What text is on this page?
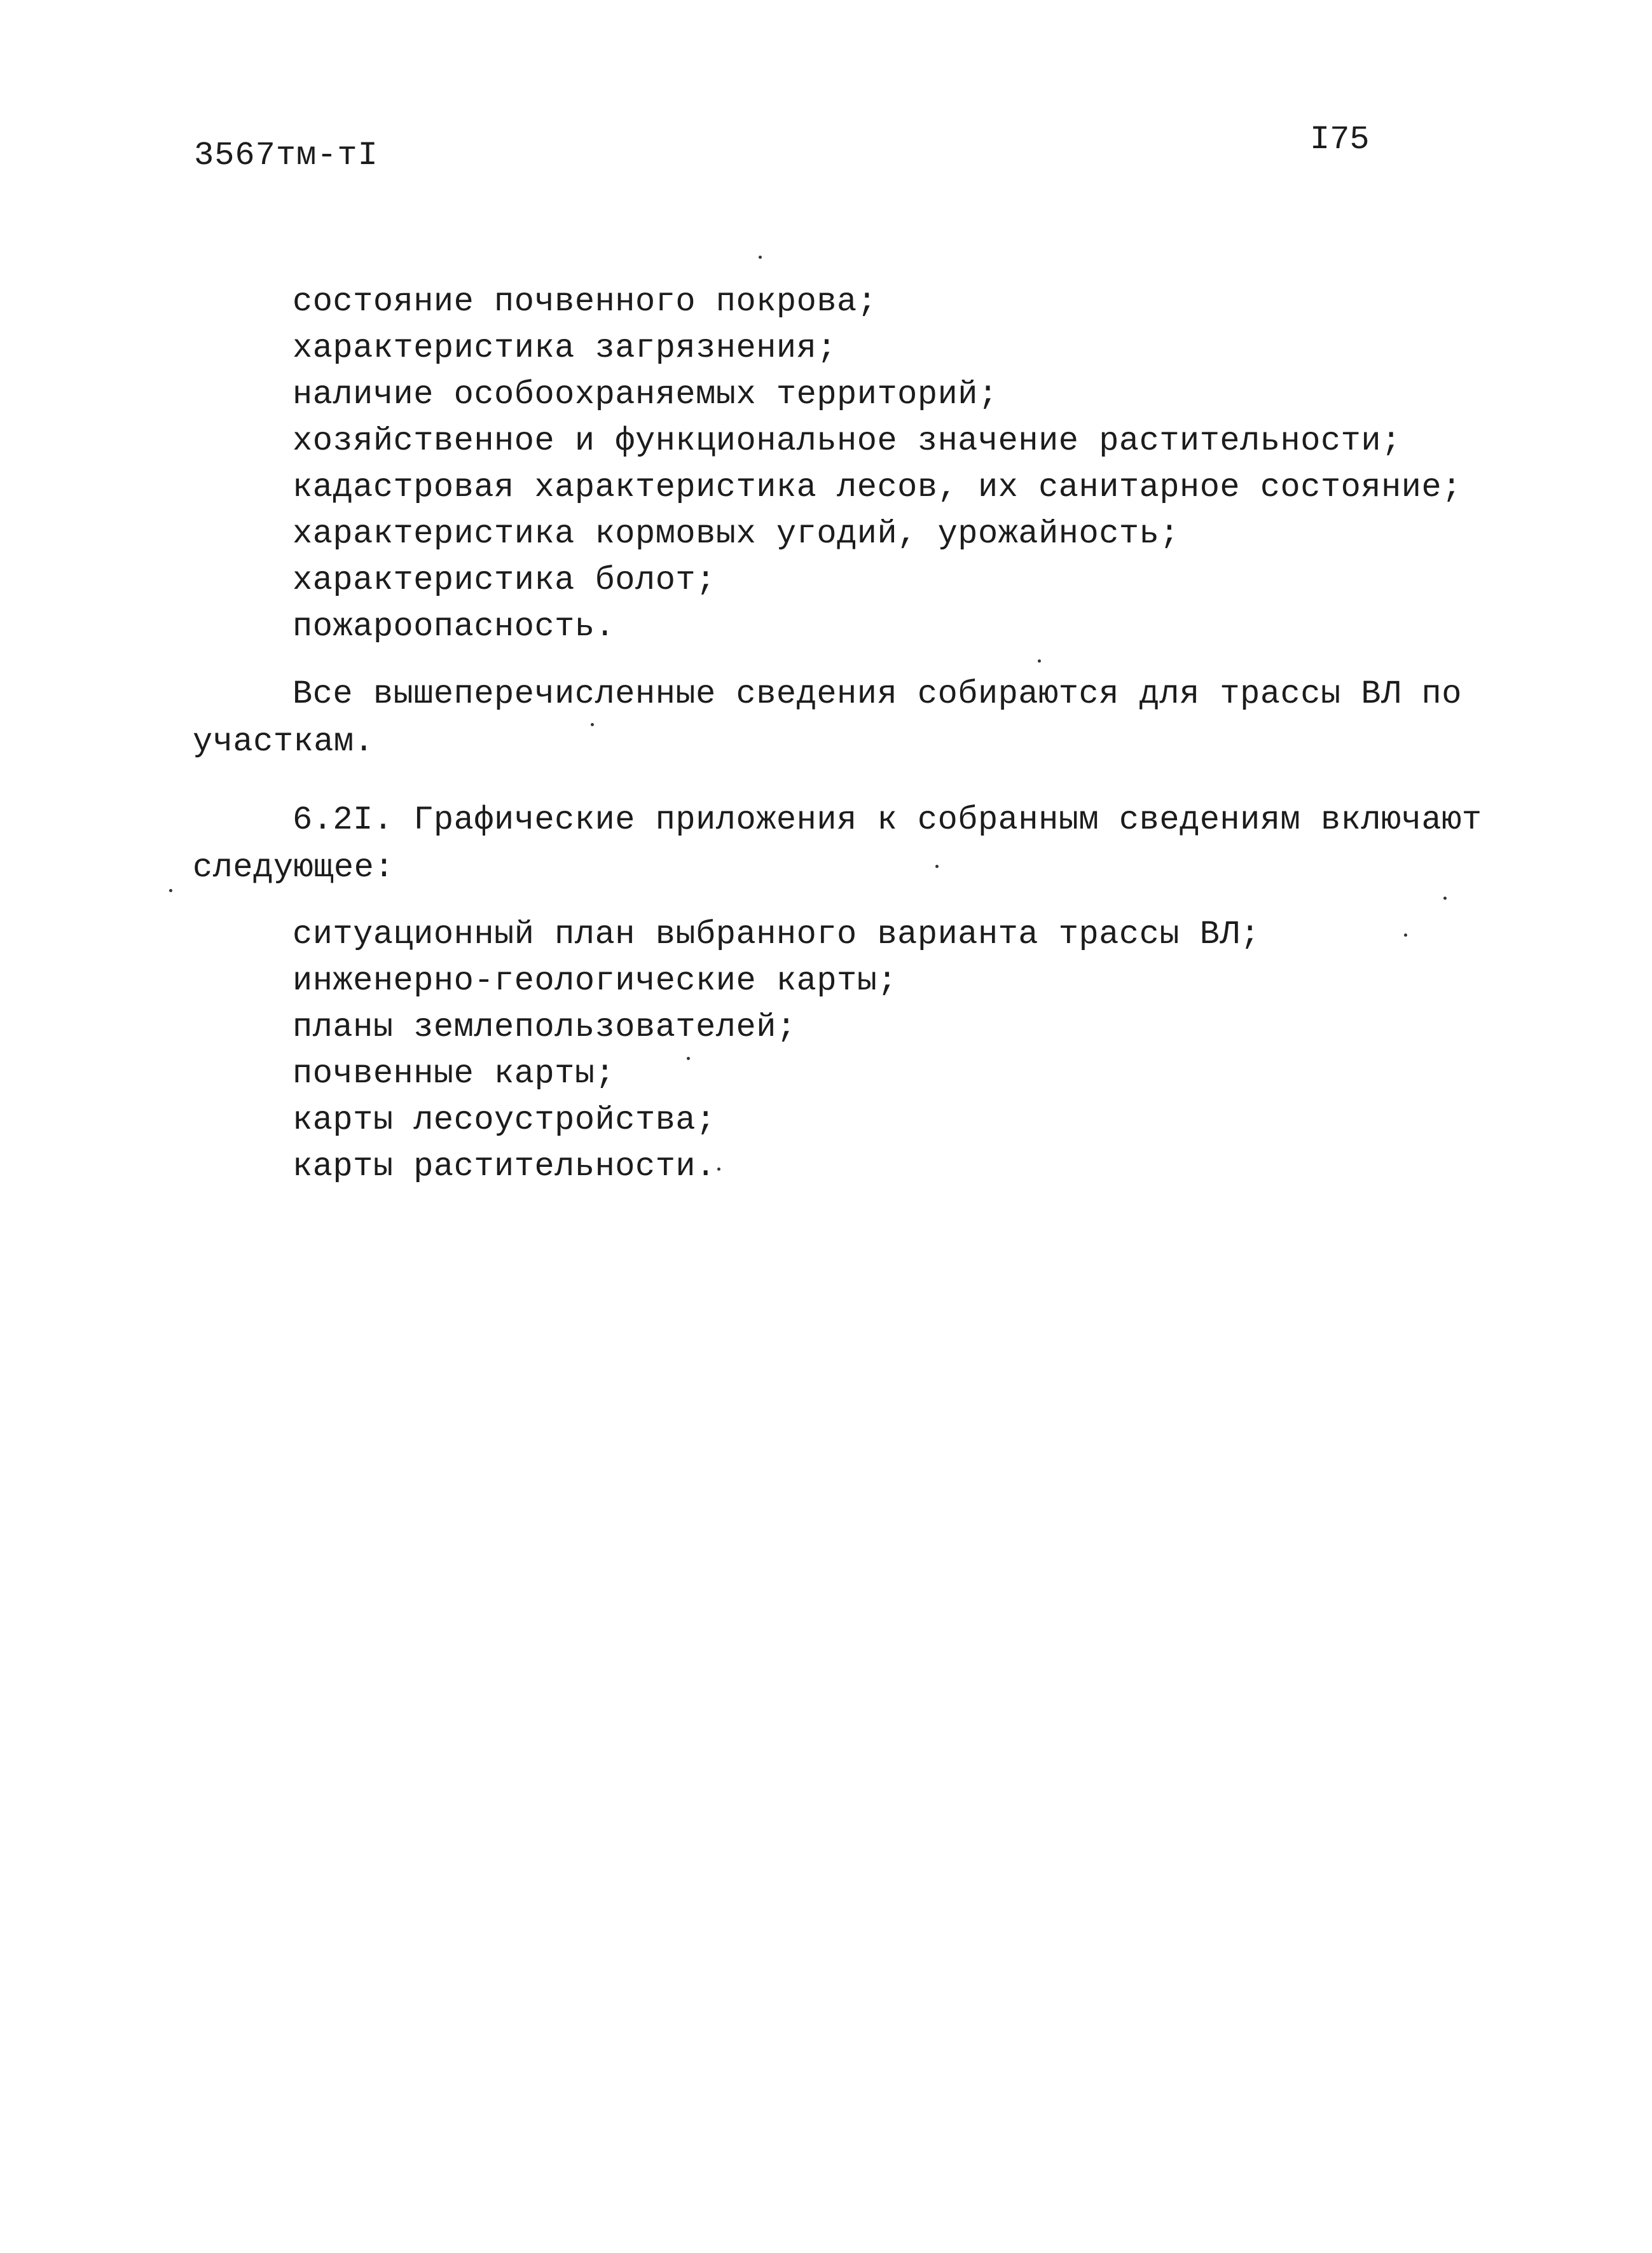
3567тм-тI	I75
состояние почвенного покрова;
характеристика загрязнения;
наличие особоохраняемых территорий;
хозяйственное и функциональное значение растительности;
кадастровая характеристика лесов, их санитарное состояние;
характеристика кормовых угодий, урожайность;
характеристика болот;
пожароопасность.
Все вышеперечисленные сведения собираются для трассы ВЛ по
участкам.
6.2I. Графические приложения к собранным сведениям включают
следующее:
ситуационный план выбранного варианта трассы ВЛ;
инженерно-геологические карты;
планы землепользователей;
почвенные карты;
карты лесоустройства;
карты растительности.
